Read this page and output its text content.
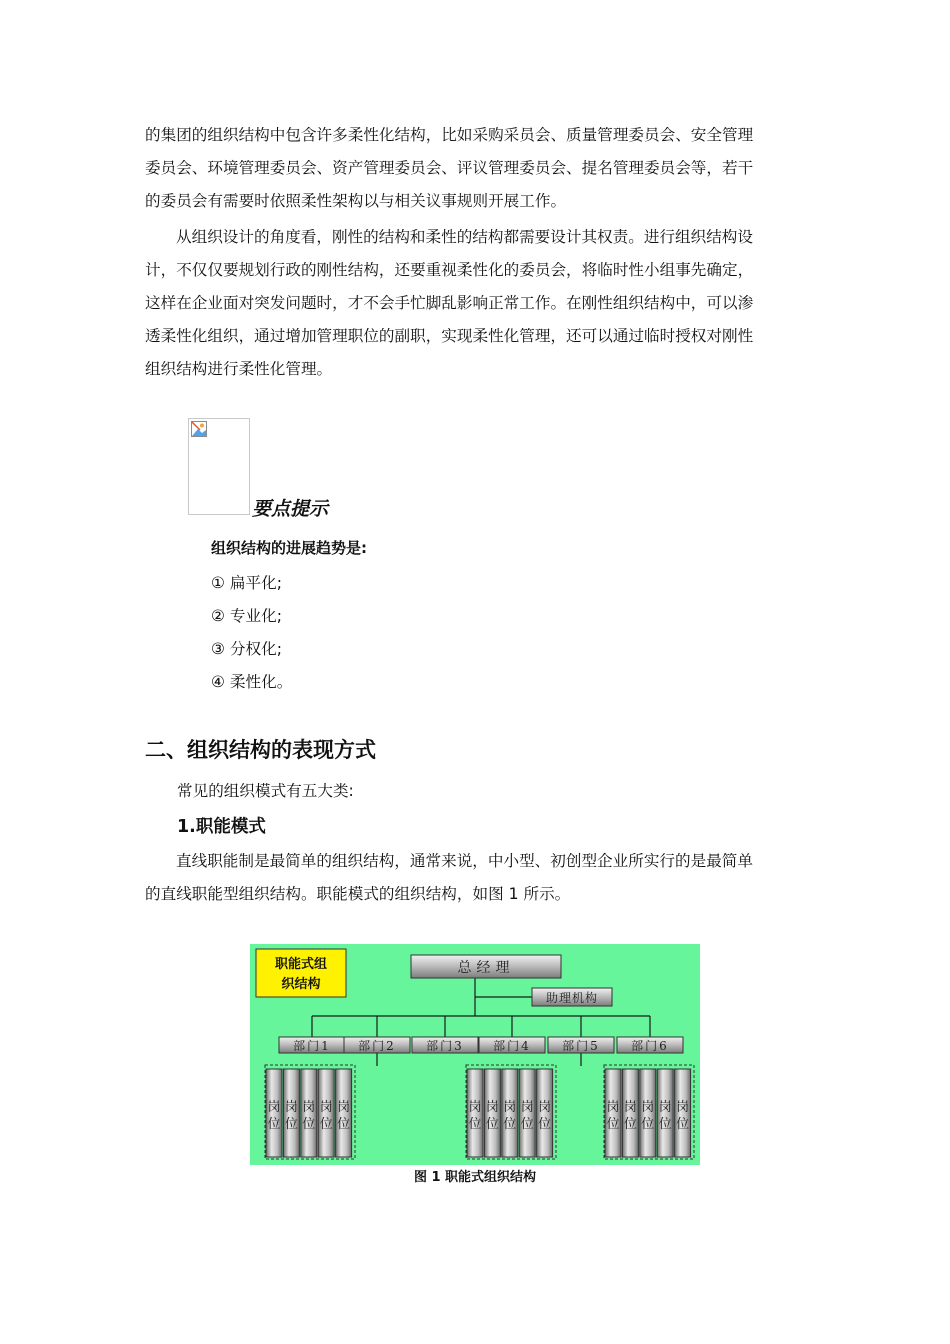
的集团的组织结构中包含许多柔性化结构，比如采购采员会、质量管理委员会、安全管理
委员会、环境管理委员会、资产管理委员会、评议管理委员会、提名管理委员会等，若干
的委员会有需要时依照柔性架构以与相关议事规则开展工作。
从组织设计的角度看，刚性的结构和柔性的结构都需要设计其权责。进行组织结构设
计，不仅仅要规划行政的刚性结构，还要重视柔性化的委员会，将临时性小组事先确定，
这样在企业面对突发问题时，才不会手忙脚乱影响正常工作。在刚性组织结构中，可以渗
透柔性化组织，通过增加管理职位的副职，实现柔性化管理，还可以通过临时授权对刚性
组织结构进行柔性化管理。
要点提示
组织结构的进展趋势是:
① 扁平化;
② 专业化;
③ 分权化;
④ 柔性化。
二、组织结构的表现方式
常见的组织模式有五大类:
1.职能模式
直线职能制是最简单的组织结构，通常来说，中小型、初创型企业所实行的是最简单
的直线职能型组织结构。职能模式的组织结构，如图 1 所示。
职能式组
织结构
总经理
助理机构
部门1 部门2	部门3 部门4	部门5	部门6
岗
位
岗
位
岗
位
岗
位
岗
位
岗
位
岗
位
岗
位
岗
位
岗
位
岗
位
岗
位
岗
位
岗
位
岗
位
图 1 职能式组织结构
